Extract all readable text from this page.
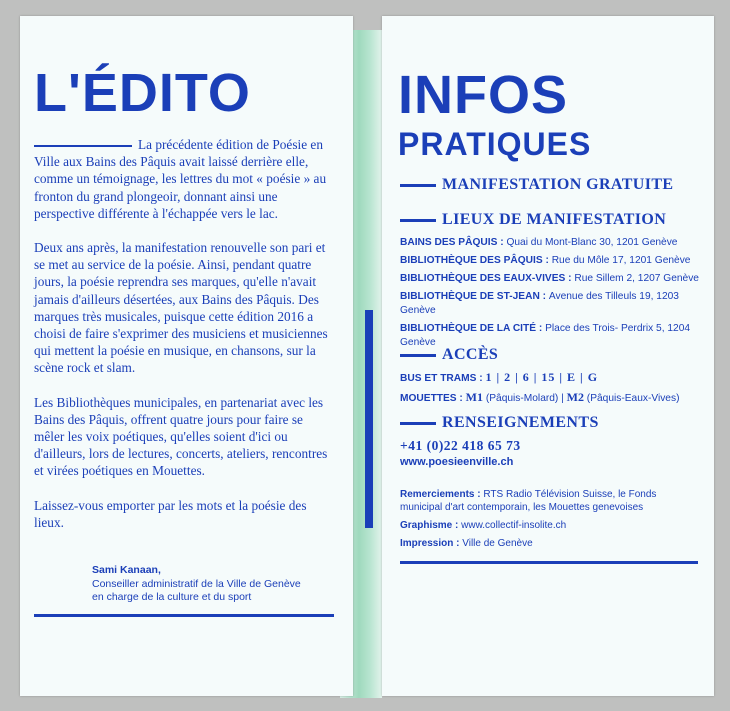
L'ÉDITO

La précédente édition de Poésie en Ville aux Bains des Pâquis avait laissé derrière elle, comme un témoignage, les lettres du mot « poésie » au fronton du grand plongeoir, donnant ainsi une perspective différente à l'échappée vers le lac.

Deux ans après, la manifestation renouvelle son pari et se met au service de la poésie. Ainsi, pendant quatre jours, la poésie reprendra ses marques, qu'elle n'avait jamais d'ailleurs désertées, aux Bains des Pâquis. Des marques très musicales, puisque cette édition 2016 a choisi de faire s'exprimer des musiciens et musiciennes qui mettent la poésie en musique, en chansons, sur la scène rock et slam.

Les Bibliothèques municipales, en partenariat avec les Bains des Pâquis, offrent quatre jours pour faire se mêler les voix poétiques, qu'elles soient d'ici ou d'ailleurs, lors de lectures, concerts, ateliers, rencontres et virées poétiques en Mouettes.

Laissez-vous emporter par les mots et la poésie des lieux.

Sami Kanaan,
Conseiller administratif de la Ville de Genève
en charge de la culture et du sport
INFOS
PRATIQUES
MANIFESTATION GRATUITE
LIEUX DE MANIFESTATION
BAINS DES PÂQUIS : Quai du Mont-Blanc 30, 1201 Genève
BIBLIOTHÈQUE DES PÂQUIS : Rue du Môle 17, 1201 Genève
BIBLIOTHÈQUE DES EAUX-VIVES : Rue Sillem 2, 1207 Genève
BIBLIOTHÈQUE DE ST-JEAN : Avenue des Tilleuls 19, 1203 Genève
BIBLIOTHÈQUE DE LA CITÉ : Place des Trois- Perdrix 5, 1204 Genève
ACCÈS
BUS ET TRAMS : 1 | 2 | 6 | 15 | E | G
MOUETTES : M1 (Pâquis-Molard) | M2 (Pâquis-Eaux-Vives)
RENSEIGNEMENTS
+41 (0)22 418 65 73
www.poesieenville.ch
Remerciements : RTS Radio Télévision Suisse, le Fonds municipal d'art contemporain, les Mouettes genevoises
Graphisme : www.collectif-insolite.ch
Impression : Ville de Genève
